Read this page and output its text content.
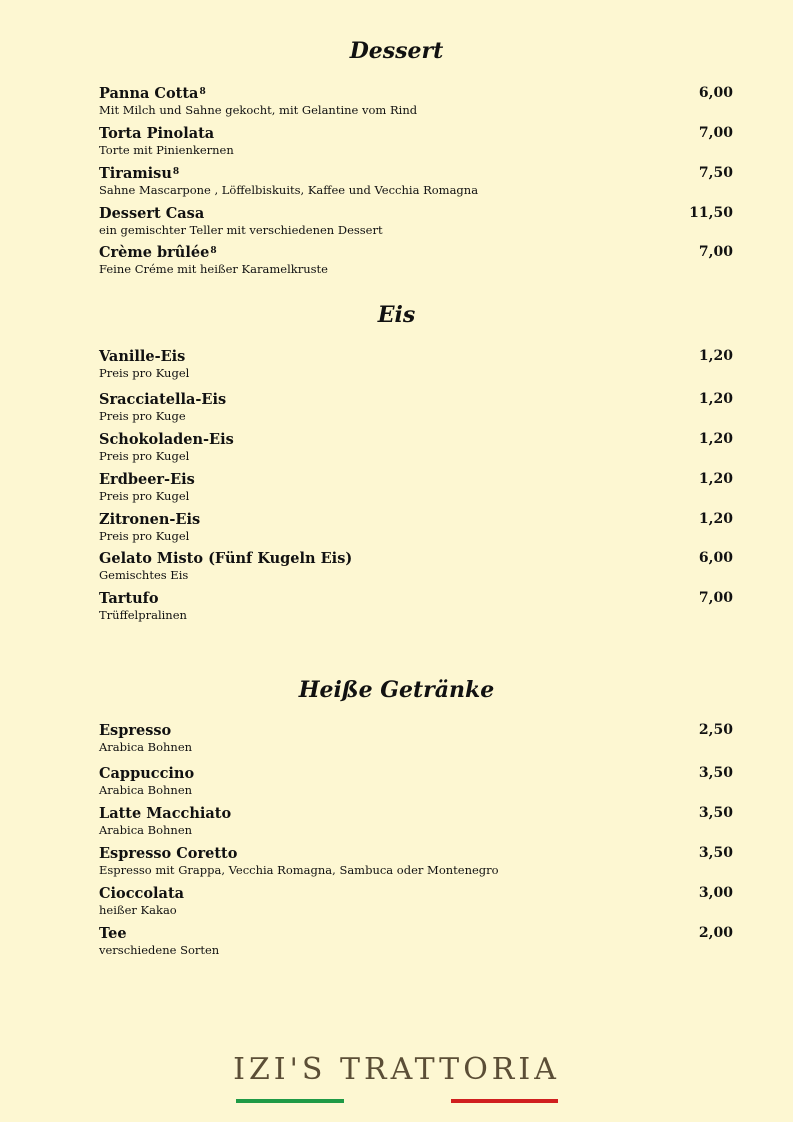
Dessert
Eis
Heiße Getränke
Panna Cotta$^8$
Mit Milch und Sahne gekocht, mit Gelantine vom Rind
6,00
Torta Pinolata
Torte mit Pinienkernen
7,00
Tiramisu$^8$
Sahne Mascarpone , Löffelbiskuits, Kaffee und Vecchia Romagna
7,50
Dessert Casa
ein gemischter Teller mit verschiedenen Dessert
11,50
Crème brûlée$^8$
Feine Créme mit heißer Karamelkruste
7,00
Vanille-Eis
Preis pro Kugel
1,20
Sracciatella-Eis
Preis pro Kuge
1,20
Schokoladen-Eis
Preis pro Kugel
1,20
Erdbeer-Eis
Preis pro Kugel
1,20
Zitronen-Eis
Preis pro Kugel
1,20
Gelato Misto (Fünf Kugeln Eis)
Gemischtes Eis
6,00
Tartufo
Trüffelpralinen
7,00
Espresso
Arabica Bohnen
2,50
Cappuccino
Arabica Bohnen
3,50
Latte Macchiato
Arabica Bohnen
3,50
Espresso Coretto
Espresso mit Grappa, Vecchia Romagna, Sambuca oder Montenegro
3,50
Cioccolata
heißer Kakao
3,00
Tee
verschiedene Sorten
2,00
IZI'S TRATTORIA
